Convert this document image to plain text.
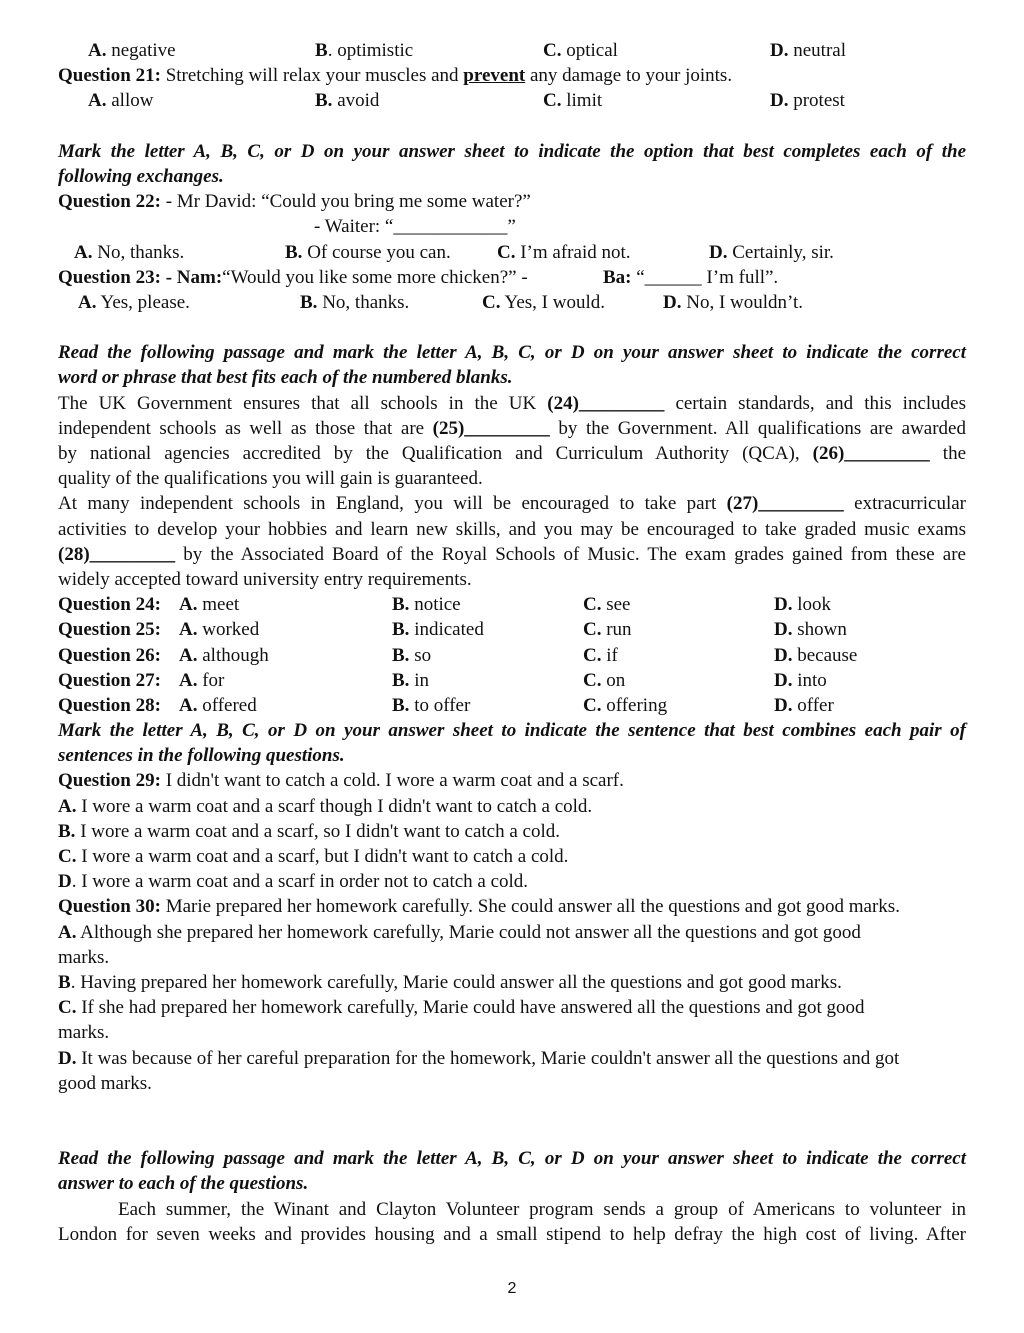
A. negative	B. optimistic	C. optical	D. neutral
Question 21: Stretching will relax your muscles and prevent any damage to your joints.
A. allow	B. avoid	C. limit	D. protest
Mark the letter A, B, C, or D on your answer sheet to indicate the option that best completes each of the
following exchanges.
Question 22: - Mr David: “Could you bring me some water?”
- Waiter: “____________”
A. No, thanks.	B. Of course you can. C. I’m afraid not.	D. Certainly, sir.
Question 23: - Nam:“Would you like some more chicken?” -	Ba: “______ I’m full”.
A. Yes, please.	B. No, thanks.	C. Yes, I would.	D. No, I wouldn’t.
Read the following passage and mark the letter A, B, C, or D on your answer sheet to indicate the correct
word or phrase that best fits each of the numbered blanks.
The UK Government ensures that all schools in the UK (24)_________ certain standards, and this includes
independent schools as well as those that are (25)_________ by the Government. All qualifications are awarded
by national agencies accredited by the Qualification and Curriculum Authority (QCA), (26)_________ the
quality of the qualifications you will gain is guaranteed.
At many independent schools in England, you will be encouraged to take part (27)_________ extracurricular
activities to develop your hobbies and learn new skills, and you may be encouraged to take graded music exams
(28)_________ by the Associated Board of the Royal Schools of Music. The exam grades gained from these are
widely accepted toward university entry requirements.
Question 24: A. meet	B. notice	C. see	D. look
Question 25: A. worked	B. indicated	C. run	D. shown
Question 26: A. although	B. so	C. if	D. because
Question 27: A. for	B. in	C. on	D. into
Question 28: A. offered	B. to offer	C. offering	D. offer
Mark the letter A, B, C, or D on your answer sheet to indicate the sentence that best combines each pair of
sentences in the following questions.
Question 29: I didn't want to catch a cold. I wore a warm coat and a scarf.
A. I wore a warm coat and a scarf though I didn't want to catch a cold.
B. I wore a warm coat and a scarf, so I didn't want to catch a cold.
C. I wore a warm coat and a scarf, but I didn't want to catch a cold.
D. I wore a warm coat and a scarf in order not to catch a cold.
Question 30: Marie prepared her homework carefully. She could answer all the questions and got good marks.
A. Although she prepared her homework carefully, Marie could not answer all the questions and got good
marks.
B. Having prepared her homework carefully, Marie could answer all the questions and got good marks.
C. If she had prepared her homework carefully, Marie could have answered all the questions and got good
marks.
D. It was because of her careful preparation for the homework, Marie couldn't answer all the questions and got
good marks.
Read the following passage and mark the letter A, B, C, or D on your answer sheet to indicate the correct
answer to each of the questions.
Each summer, the Winant and Clayton Volunteer program sends a group of Americans to volunteer in
London for seven weeks and provides housing and a small stipend to help defray the high cost of living. After
2
